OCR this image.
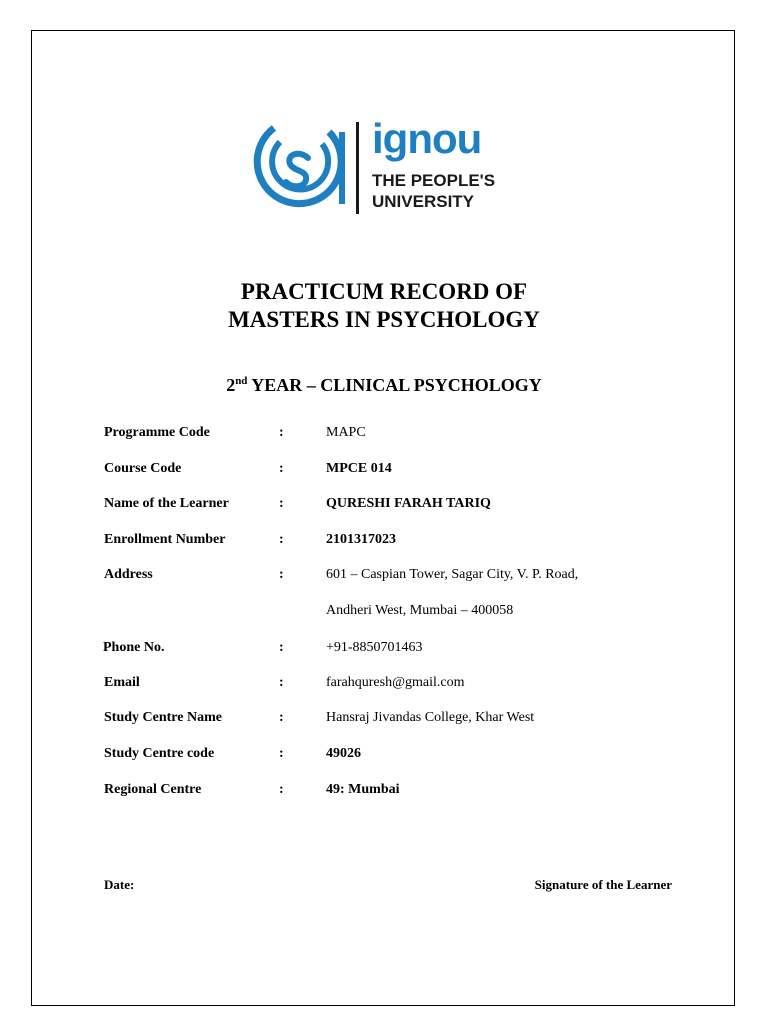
ignou
THE PEOPLE'S
UNIVERSITY
PRACTICUM RECORD OF
MASTERS IN PSYCHOLOGY
2nd YEAR – CLINICAL PSYCHOLOGY
Programme Code	:	MAPC
Course Code	:	MPCE 014
Name of the Learner	:	QURESHI FARAH TARIQ
Enrollment Number	:	2101317023
Address	:	601 – Caspian Tower, Sagar City, V. P. Road,
Andheri West, Mumbai – 400058
Phone No.	:	+91-8850701463
Email	:	farahquresh@gmail.com
Study Centre Name	:	Hansraj Jivandas College, Khar West
Study Centre code	:	49026
Regional Centre	:	49: Mumbai
Date:	Signature of the Learner
